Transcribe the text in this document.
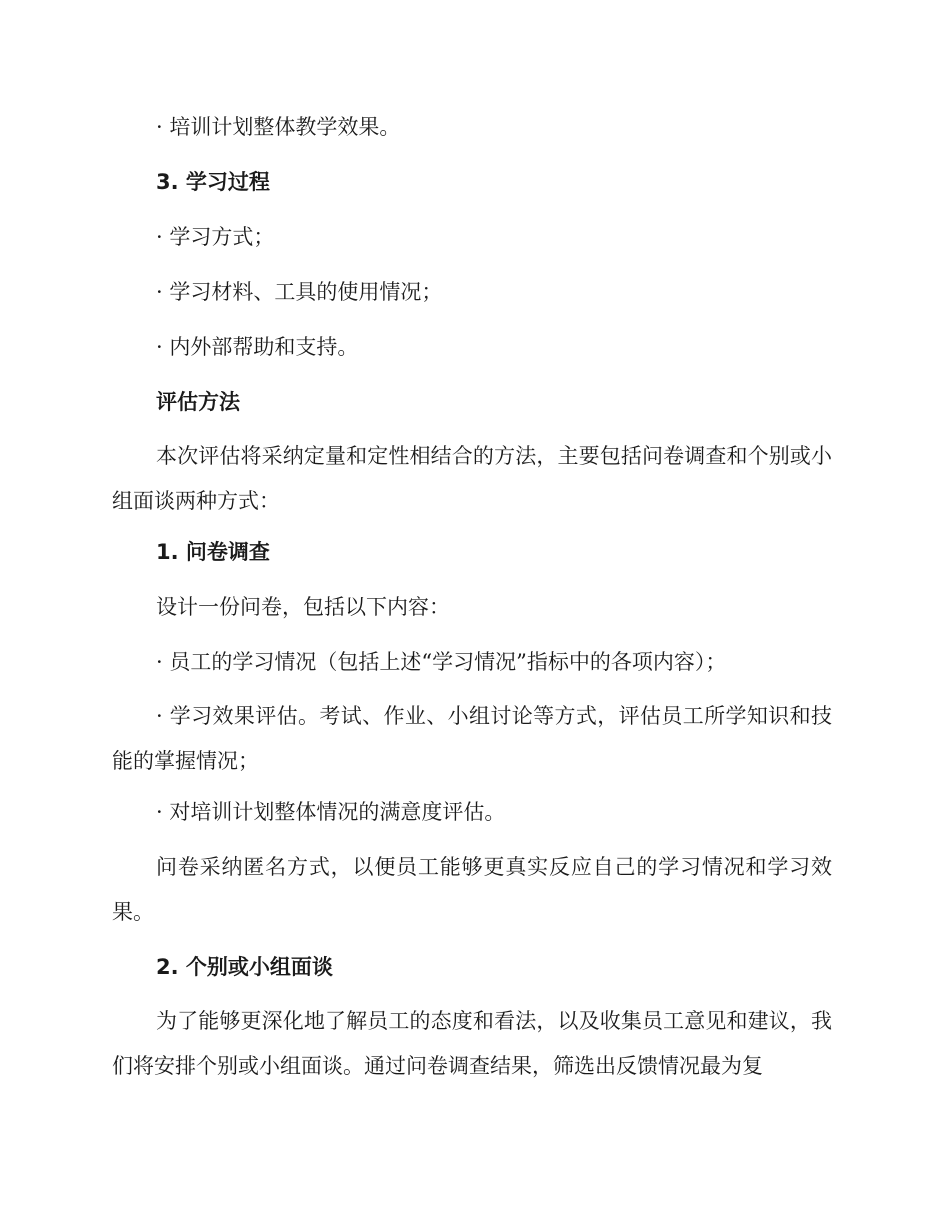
· 培训计划整体教学效果。
3. 学习过程
· 学习方式；
· 学习材料、工具的使用情况；
· 内外部帮助和支持。
评估方法
本次评估将采纳定量和定性相结合的方法，主要包括问卷调查和个别或小组面谈两种方式：
1. 问卷调查
设计一份问卷，包括以下内容：
· 员工的学习情况（包括上述“学习情况”指标中的各项内容）；
· 学习效果评估。考试、作业、小组讨论等方式，评估员工所学知识和技能的掌握情况；
· 对培训计划整体情况的满意度评估。
问卷采纳匿名方式，以便员工能够更真实反应自己的学习情况和学习效果。
2. 个别或小组面谈
为了能够更深化地了解员工的态度和看法，以及收集员工意见和建议，我们将安排个别或小组面谈。通过问卷调查结果，筛选出反馈情况最为复
